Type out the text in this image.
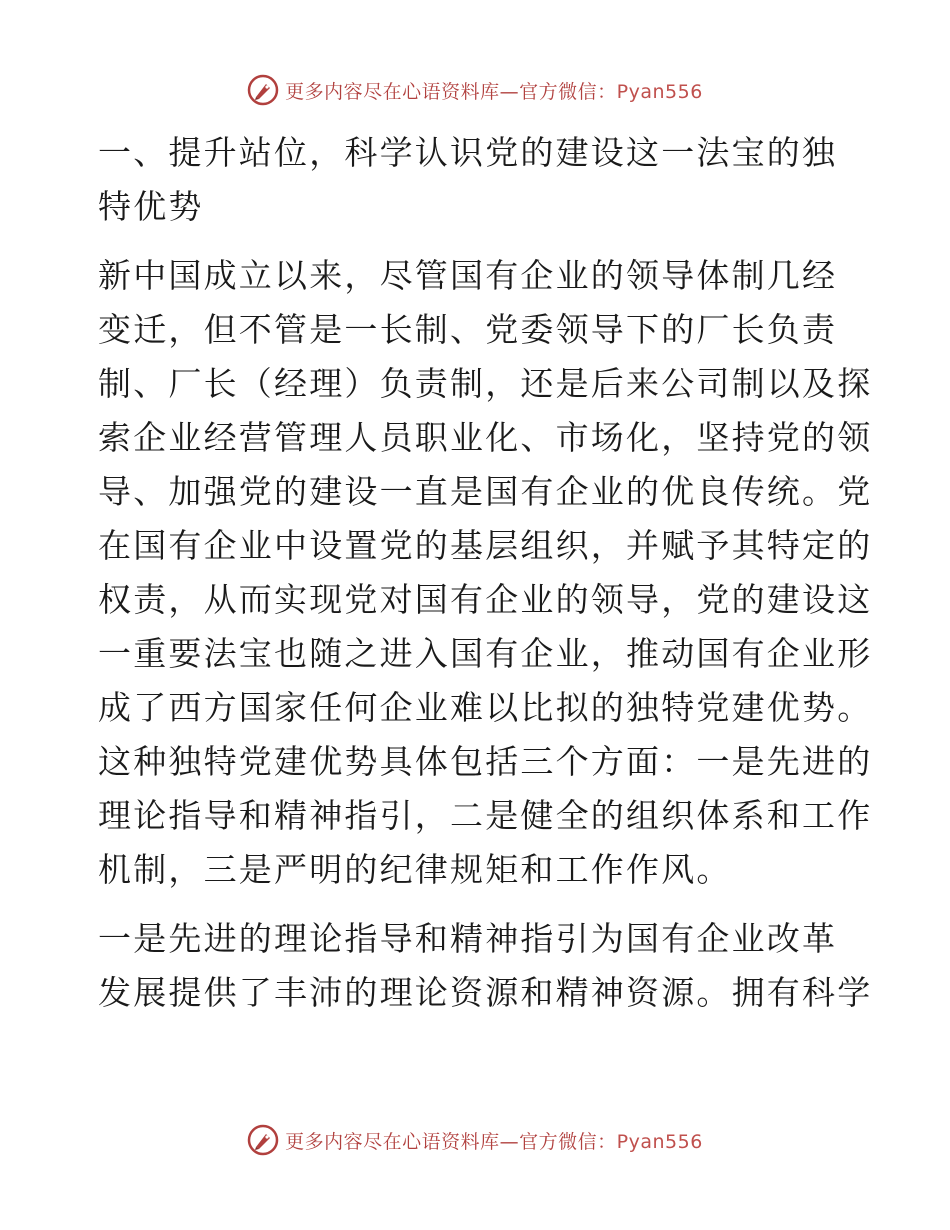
更多内容尽在心语资料库—官方微信：Pyan556

一、提升站位，科学认识党的建设这一法宝的独
特优势

新中国成立以来，尽管国有企业的领导体制几经
变迁，但不管是一长制、党委领导下的厂长负责
制、厂长（经理）负责制，还是后来公司制以及探
索企业经营管理人员职业化、市场化，坚持党的领
导、加强党的建设一直是国有企业的优良传统。党
在国有企业中设置党的基层组织，并赋予其特定的
权责，从而实现党对国有企业的领导，党的建设这
一重要法宝也随之进入国有企业，推动国有企业形
成了西方国家任何企业难以比拟的独特党建优势。
这种独特党建优势具体包括三个方面：一是先进的
理论指导和精神指引，二是健全的组织体系和工作
机制，三是严明的纪律规矩和工作作风。

一是先进的理论指导和精神指引为国有企业改革
发展提供了丰沛的理论资源和精神资源。拥有科学

更多内容尽在心语资料库—官方微信：Pyan556
